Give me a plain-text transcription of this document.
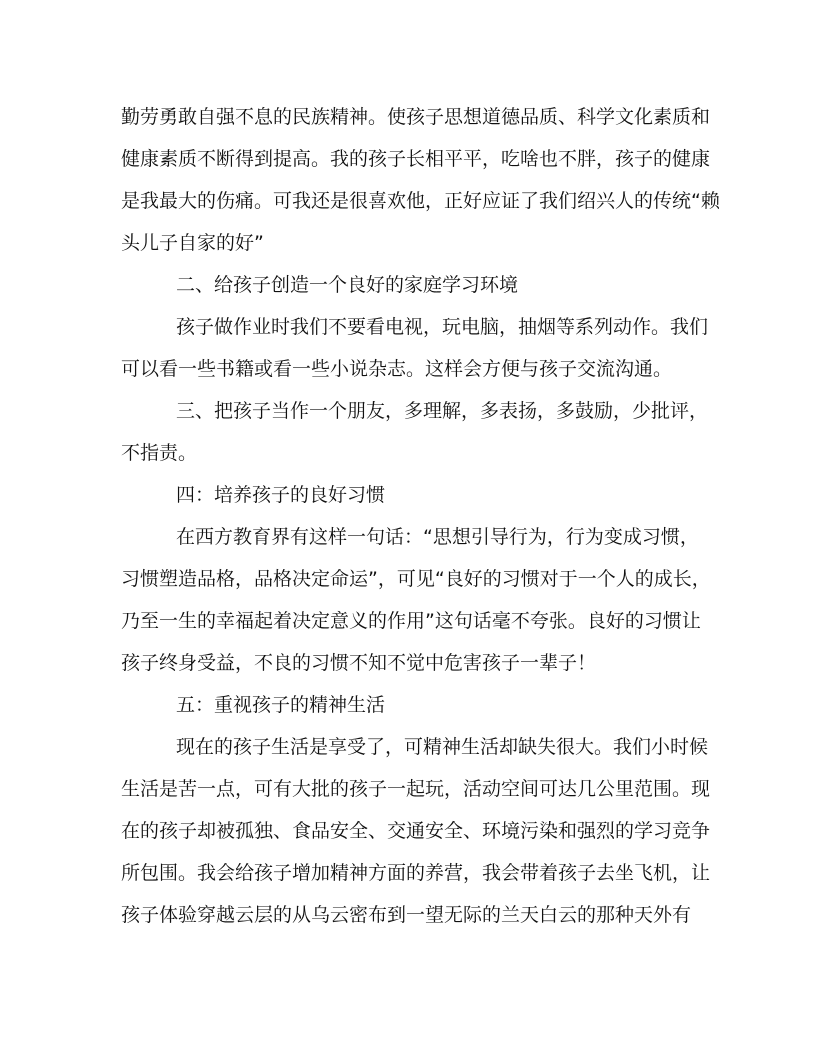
勤劳勇敢自强不息的民族精神。使孩子思想道德品质、科学文化素质和
健康素质不断得到提高。我的孩子长相平平，吃啥也不胖，孩子的健康
是我最大的伤痛。可我还是很喜欢他，正好应证了我们绍兴人的传统“赖
头儿子自家的好”
二、给孩子创造一个良好的家庭学习环境
孩子做作业时我们不要看电视，玩电脑，抽烟等系列动作。我们
可以看一些书籍或看一些小说杂志。这样会方便与孩子交流沟通。
三、把孩子当作一个朋友，多理解，多表扬，多鼓励，少批评，
不指责。
四：培养孩子的良好习惯
在西方教育界有这样一句话：“思想引导行为，行为变成习惯，
习惯塑造品格，品格决定命运”，可见“良好的习惯对于一个人的成长，
乃至一生的幸福起着决定意义的作用”这句话毫不夸张。良好的习惯让
孩子终身受益，不良的习惯不知不觉中危害孩子一辈子！
五：重视孩子的精神生活
现在的孩子生活是享受了，可精神生活却缺失很大。我们小时候
生活是苦一点，可有大批的孩子一起玩，活动空间可达几公里范围。现
在的孩子却被孤独、食品安全、交通安全、环境污染和强烈的学习竞争
所包围。我会给孩子增加精神方面的养营，我会带着孩子去坐飞机，让
孩子体验穿越云层的从乌云密布到一望无际的兰天白云的那种天外有
